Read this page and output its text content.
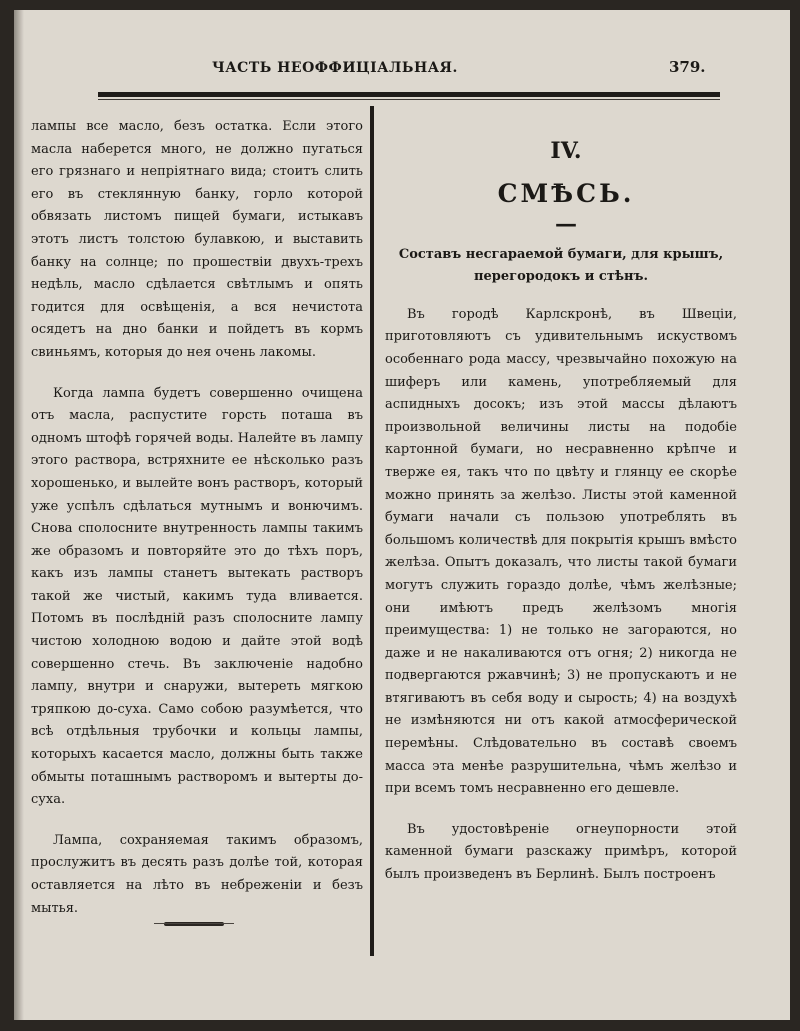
ЧАСТЬ НЕОФФИЦІАЛЬНАЯ.	379.

лампы все масло, безъ остатка. Если этого масла наберется много, не должно пугаться его грязнаго и непріятнаго вида; стоитъ слить его въ стеклянную банку, горло которой обвязать листомъ пищей бумаги, истыкавъ этотъ листъ толстою булавкою, и выставить банку на солнце; по прошествіи двухъ-трехъ недѣль, масло сдѣлается свѣтлымъ и опять годится для освѣщенія, а вся нечистота осядетъ на дно банки и пойдетъ въ кормъ свиньямъ, которыя до нея очень лакомы.

Когда лампа будетъ совершенно очищена отъ масла, распустите горсть поташа въ одномъ штофѣ горячей воды. Налейте въ лампу этого раствора, встряхните ее нѣсколько разъ хорошенько, и вылейте вонъ растворъ, который уже успѣлъ сдѣлаться мутнымъ и вонючимъ. Снова сполосните внутренность лампы такимъ же образомъ и повторяйте это до тѣхъ поръ, какъ изъ лампы станетъ вытекать растворъ такой же чистый, какимъ туда вливается. Потомъ въ послѣдній разъ сполосните лампу чистою холодною водою и дайте этой водѣ совершенно стечь. Въ заключеніе надобно лампу, внутри и снаружи, вытереть мягкою тряпкою до-суха. Само собою разумѣется, что всѣ отдѣльныя трубочки и кольцы лампы, которыхъ касается масло, должны быть также обмыты поташнымъ растворомъ и вытерты до-суха.

Лампа, сохраняемая такимъ образомъ, прослужитъ въ десять разъ долѣе той, которая оставляется на лѣто въ небреженіи и безъ мытья.

IV.
СМѢСЬ.
—
Составъ несгараемой бумаги, для крышъ, перегородокъ и стѣнъ.

Въ городѣ Карлскронѣ, въ Швеціи, приготовляютъ съ удивительнымъ искуствомъ особеннаго рода массу, чрезвычайно похожую на шиферъ или камень, употребляемый для аспидныхъ досокъ; изъ этой массы дѣлаютъ произвольной величины листы на подобіе картонной бумаги, но несравненно крѣпче и тверже ея, такъ что по цвѣту и глянцу ее скорѣе можно принять за желѣзо. Листы этой каменной бумаги начали съ пользою употреблять въ большомъ количествѣ для покрытія крышъ вмѣсто желѣза. Опытъ доказалъ, что листы такой бумаги могутъ служить гораздо долѣе, чѣмъ желѣзные; они имѣютъ предъ желѣзомъ многія преимущества: 1) не только не загораются, но даже и не накаливаются отъ огня; 2) никогда не подвергаются ржавчинѣ; 3) не пропускаютъ и не втягиваютъ въ себя воду и сырость; 4) на воздухѣ не измѣняются ни отъ какой атмосферической перемѣны. Слѣдовательно въ составѣ своемъ масса эта менѣе разрушительна, чѣмъ желѣзо и при всемъ томъ несравненно его дешевле.

Въ удостовѣреніе огнеупорности этой каменной бумаги разскажу примѣръ, которой былъ произведенъ въ Берлинѣ. Былъ построенъ
